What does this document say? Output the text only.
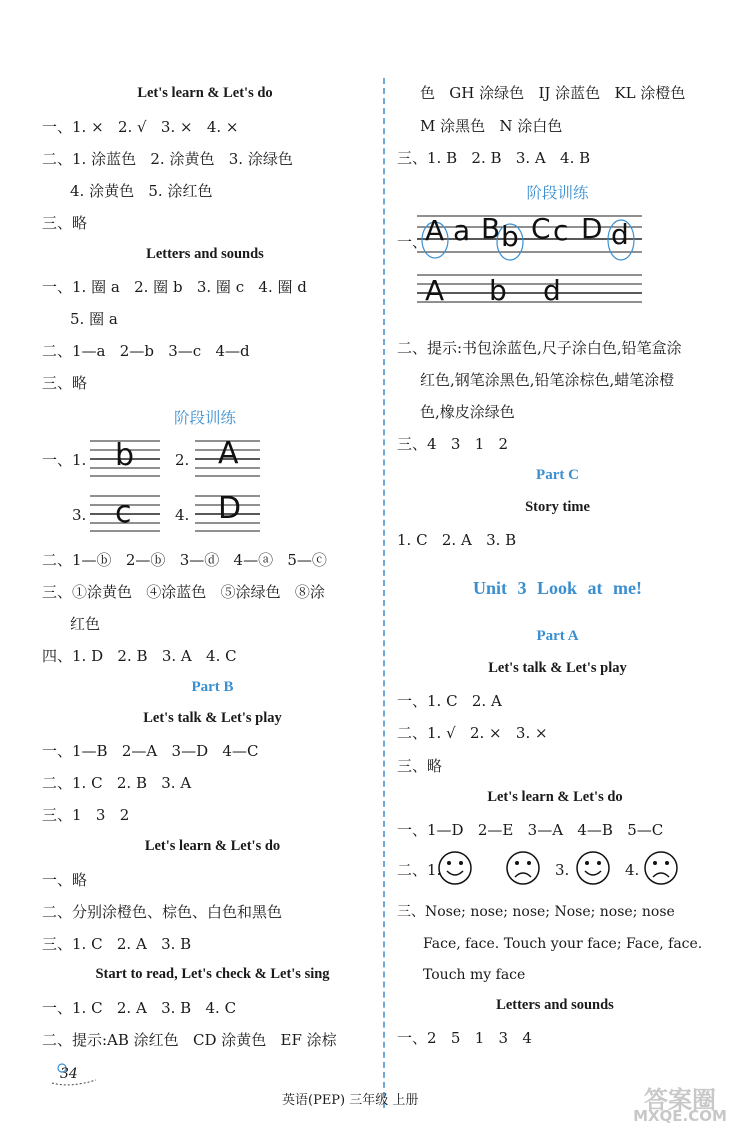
Let's learn & Let's do
一、1. ×   2. √   3. ×   4. ×
二、1. 涂蓝色   2. 涂黄色   3. 涂绿色
4. 涂黄色   5. 涂红色
三、略
Letters and sounds
一、1. 圈 a   2. 圈 b   3. 圈 c   4. 圈 d
5. 圈 a
二、1—a   2—b   3—c   4—d
三、略
阶段训练
一、1. b	2. A
3. c	4. D
二、1—ⓑ   2—ⓑ   3—ⓓ   4—ⓐ   5—ⓒ
三、①涂黄色   ④涂蓝色   ⑤涂绿色   ⑧涂
红色
四、1. D   2. B   3. A   4. C
Part B
Let's talk & Let's play
一、1—B   2—A   3—D   4—C
二、1. C   2. B   3. A
三、1   3   2
Let's learn & Let's do
一、略
二、分别涂橙色、棕色、白色和黑色
三、1. C   2. A   3. B
Start to read, Let's check & Let's sing
一、1. C   2. A   3. B   4. C
二、提示:AB 涂红色   CD 涂黄色   EF 涂棕
色   GH 涂绿色   IJ 涂蓝色   KL 涂橙色
M 涂黑色   N 涂白色
三、1. B   2. B   3. A   4. B
阶段训练
一、
A a B b C c D d
A b d
二、提示:书包涂蓝色,尺子涂白色,铅笔盒涂
红色,钢笔涂黑色,铅笔涂棕色,蜡笔涂橙
色,橡皮涂绿色
三、4   3   1   2
Part C
Story time
1. C   2. A   3. B
Unit 3 Look at me!
Part A
Let's talk & Let's play
一、1. C   2. A
二、1. √   2. ×   3. ×
三、略
Let's learn & Let's do
一、1—D   2—E   3—A   4—B   5—C
二、1.	3.	4.
三、Nose; nose; nose; Nose; nose; nose
Face, face. Touch your face; Face, face.
Touch my face
Letters and sounds
一、2   5   1   3   4
34
英语(PEP) 三年级 上册	答案圈
MXQE.COM
